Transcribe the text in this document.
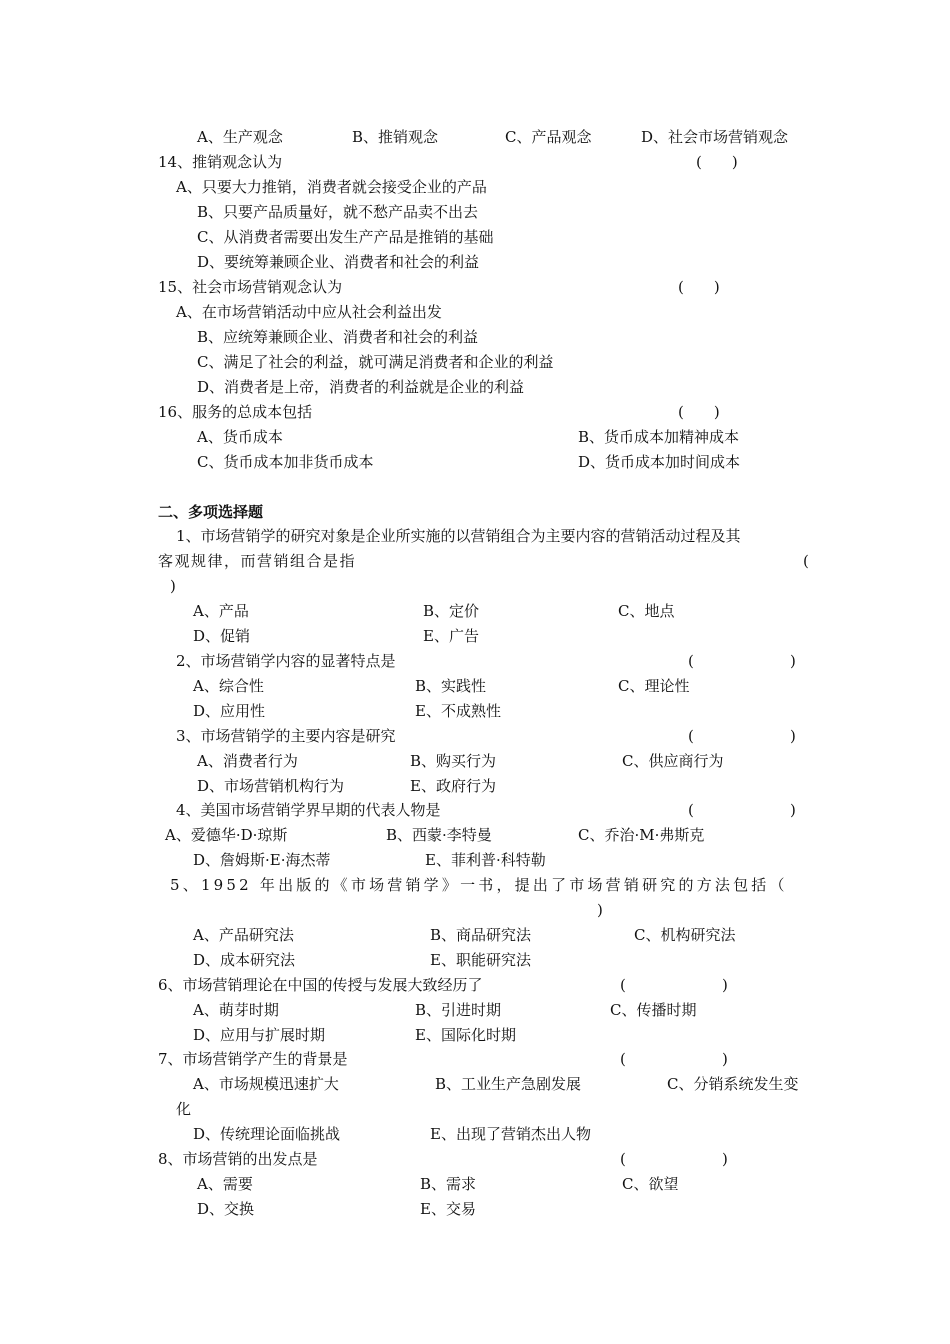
A、生产观念	B、推销观念	C、产品观念	D、社会市场营销观念
14、推销观念认为	(　　)
A、只要大力推销，消费者就会接受企业的产品
B、只要产品质量好，就不愁产品卖不出去
C、从消费者需要出发生产产品是推销的基础
D、要统筹兼顾企业、消费者和社会的利益
15、社会市场营销观念认为	(　　)
A、在市场营销活动中应从社会利益出发
B、应统筹兼顾企业、消费者和社会的利益
C、满足了社会的利益，就可满足消费者和企业的利益
D、消费者是上帝，消费者的利益就是企业的利益
16、服务的总成本包括	(　　)
A、货币成本	B、货币成本加精神成本
C、货币成本加非货币成本	D、货币成本加时间成本
二、多项选择题
1、市场营销学的研究对象是企业所实施的以营销组合为主要内容的营销活动过程及其
客观规律，而营销组合是指	(
)
A、产品	B、定价	C、地点
D、促销	E、广告
2、市场营销学内容的显著特点是	(	)
A、综合性	B、实践性	C、理论性
D、应用性	E、不成熟性
3、市场营销学的主要内容是研究	(	)
A、消费者行为	B、购买行为	C、供应商行为
D、市场营销机构行为	E、政府行为
4、美国市场营销学界早期的代表人物是	(	)
A、爱德华·D·琼斯	B、西蒙·李特曼	C、乔治·M·弗斯克
D、詹姆斯·E·海杰蒂	E、菲利普·科特勒
5、1952 年出版的《市场营销学》一书，提出了市场营销研究的方法包括（
)
A、产品研究法	B、商品研究法	C、机构研究法
D、成本研究法	E、职能研究法
6、市场营销理论在中国的传授与发展大致经历了	(	)
A、萌芽时期	B、引进时期	C、传播时期
D、应用与扩展时期	E、国际化时期
7、市场营销学产生的背景是	(	)
A、市场规模迅速扩大	B、工业生产急剧发展	C、分销系统发生变
化
D、传统理论面临挑战	E、出现了营销杰出人物
8、市场营销的出发点是	(	)
A、需要	B、需求	C、欲望
D、交换	E、交易
